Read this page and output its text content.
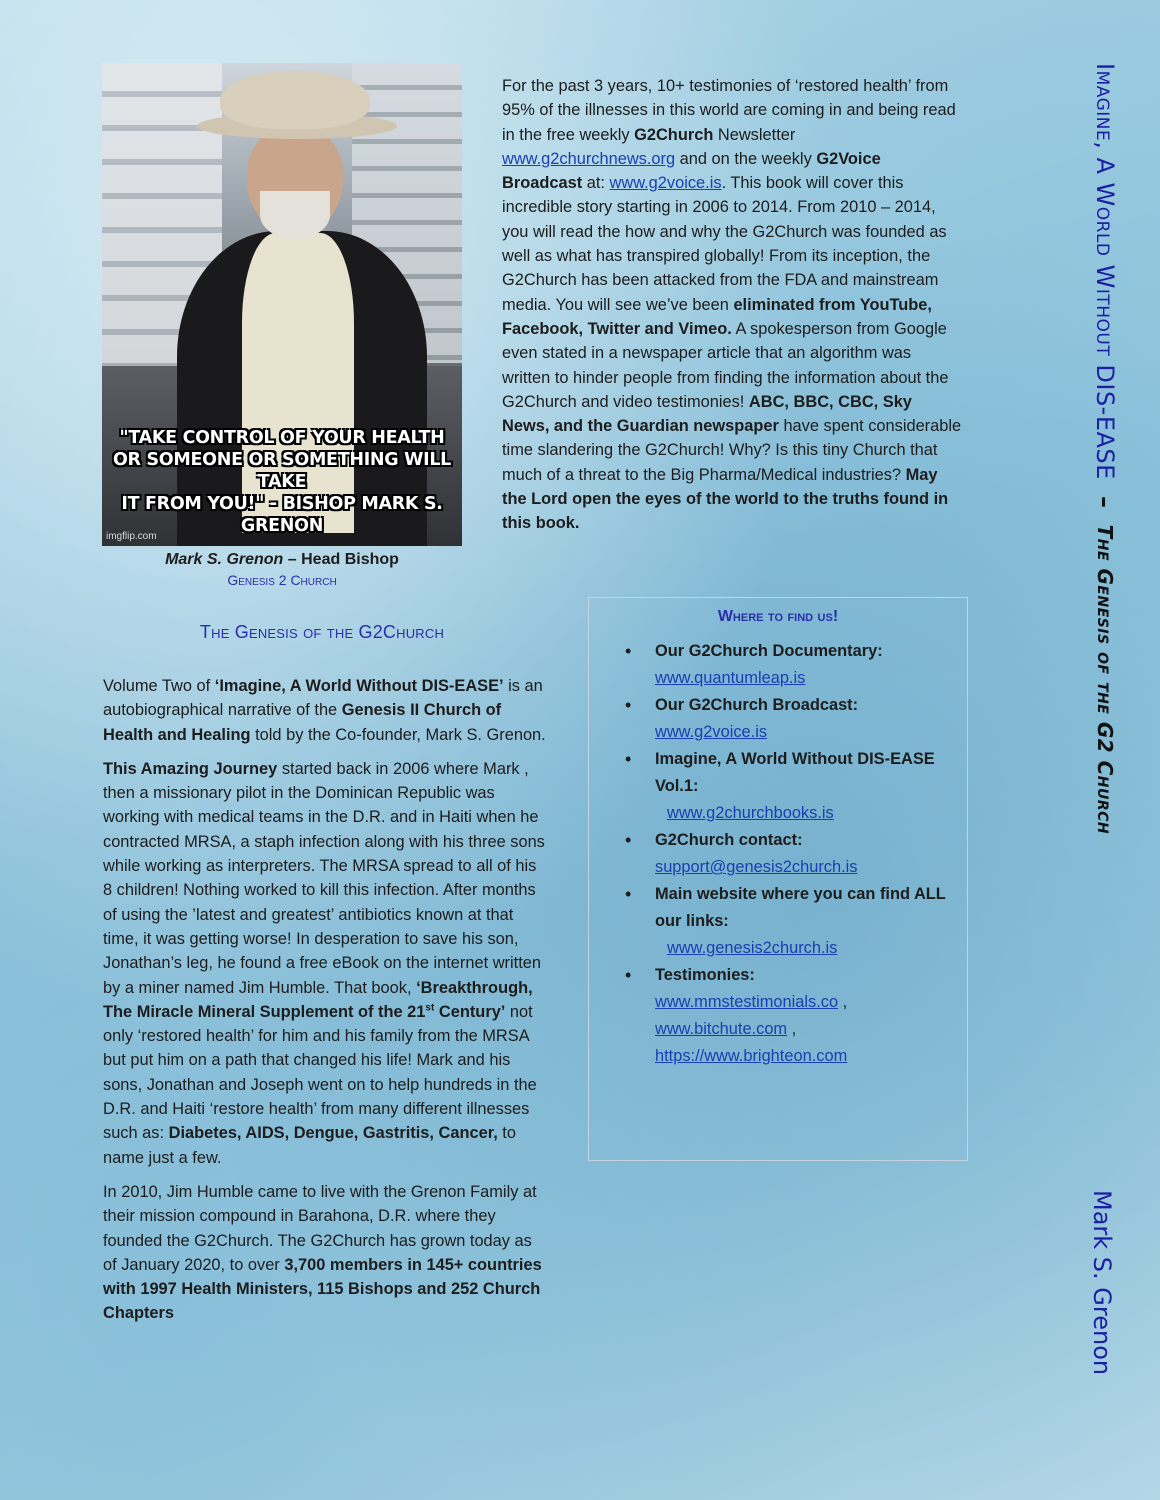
"TAKE CONTROL OF YOUR HEALTH
OR SOMEONE OR SOMETHING WILL TAKE
IT FROM YOU!" - BISHOP MARK S. GRENON
imgflip.com
Mark S. Grenon – Head Bishop
Genesis 2 Church
For the past 3 years, 10+ testimonies of ‘restored health’ from 95% of the illnesses in this world are coming in and being read in the free weekly G2Church Newsletter www.g2churchnews.org and on the weekly G2Voice Broadcast at: www.g2voice.is. This book will cover this incredible story starting in 2006 to 2014. From 2010 – 2014, you will read the how and why the G2Church was founded as well as what has transpired globally! From its inception, the G2Church has been attacked from the FDA and mainstream media. You will see we’ve been eliminated from YouTube, Facebook, Twitter and Vimeo. A spokesperson from Google even stated in a newspaper article that an algorithm was written to hinder people from finding the information about the G2Church and video testimonies! ABC, BBC, CBC, Sky News, and the Guardian newspaper have spent considerable time slandering the G2Church! Why? Is this tiny Church that much of a threat to the Big Pharma/Medical industries? May the Lord open the eyes of the world to the truths found in this book.
The Genesis of the G2Church

Volume Two of ‘Imagine, A World Without DIS-EASE’ is an autobiographical narrative of the Genesis II Church of Health and Healing told by the Co-founder, Mark S. Grenon.

This Amazing Journey started back in 2006 where Mark , then a missionary pilot in the Dominican Republic was working with medical teams in the D.R. and in Haiti when he contracted MRSA, a staph infection along with his three sons while working as interpreters. The MRSA spread to all of his 8 children! Nothing worked to kill this infection. After months of using the ’latest and greatest’ antibiotics known at that time, it was getting worse! In desperation to save his son, Jonathan’s leg, he found a free eBook on the internet written by a miner named Jim Humble. That book, ‘Breakthrough, The Miracle Mineral Supplement of the 21st Century’ not only ‘restored health’ for him and his family from the MRSA but put him on a path that changed his life! Mark and his sons, Jonathan and Joseph went on to help hundreds in the D.R. and Haiti ‘restore health’ from many different illnesses such as: Diabetes, AIDS, Dengue, Gastritis, Cancer, to name just a few.

In 2010, Jim Humble came to live with the Grenon Family at their mission compound in Barahona, D.R. where they founded the G2Church. The G2Church has grown today as of January 2020, to over 3,700 members in 145+ countries with 1997 Health Ministers, 115 Bishops and 252 Church Chapters

Where to find us!
• Our G2Church Documentary:
www.quantumleap.is
• Our G2Church Broadcast:
www.g2voice.is
• Imagine, A World Without DIS-EASE Vol.1:
www.g2churchbooks.is
• G2Church contact:
support@genesis2church.is
• Main website where you can find ALL our links:
www.genesis2church.is
• Testimonies:
www.mmstestimonials.co ,
www.bitchute.com ,
https://www.brighteon.com
Imagine, A World Without DIS-EASE – The Genesis of the G2 Church
Mark S. Grenon
